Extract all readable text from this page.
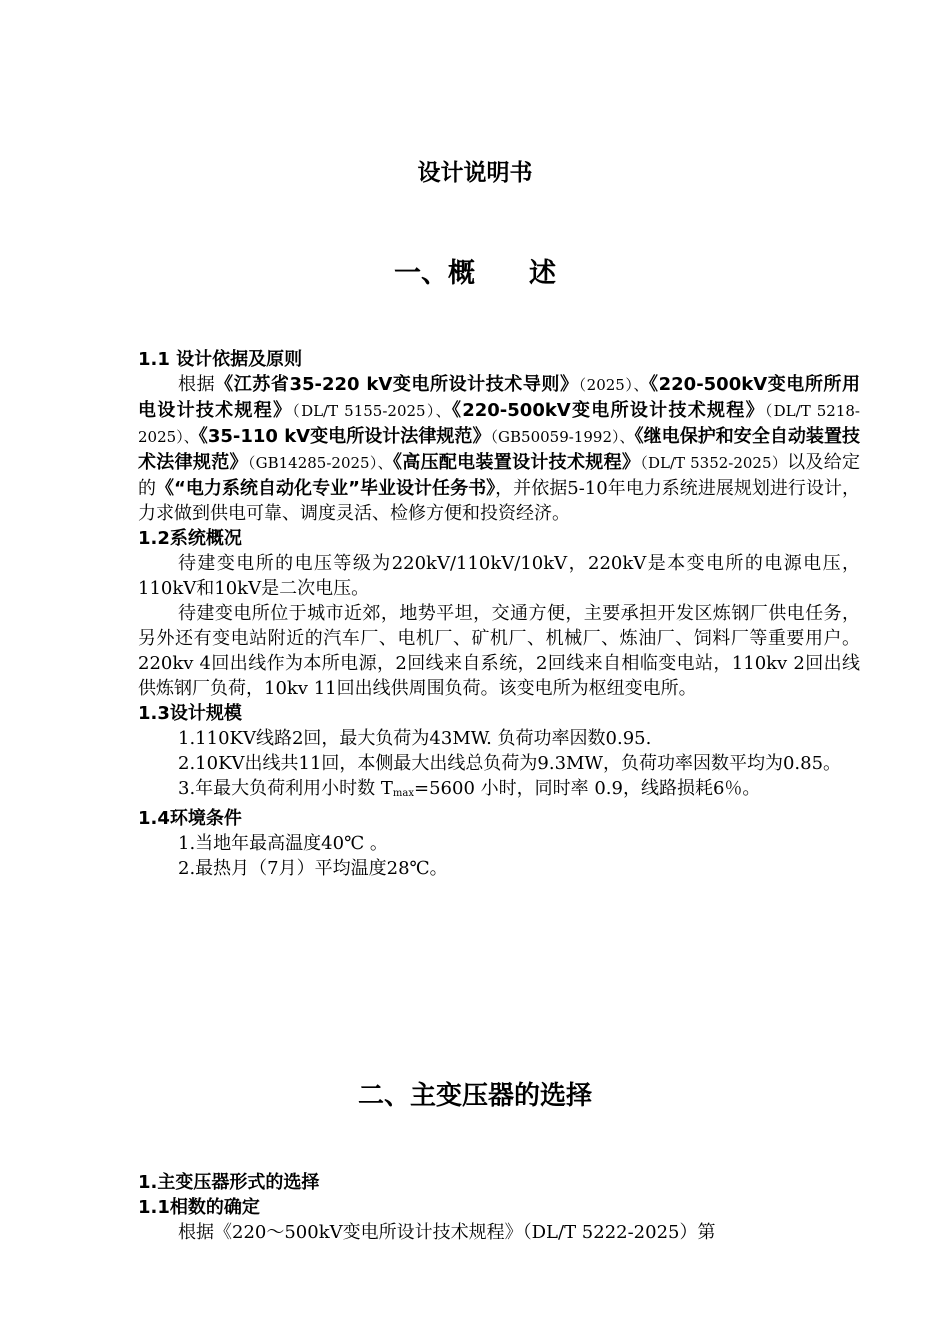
设计说明书
一、概　　述
1.1 设计依据及原则

根据《江苏省35-220 kV变电所设计技术导则》（2025）、《220-500kV变电所所用电设计技术规程》（DL/T 5155-2025）、《220-500kV变电所设计技术规程》（DL/T 5218-2025）、《35-110 kV变电所设计法律规范》（GB50059-1992）、《继电保护和安全自动装置技术法律规范》（GB14285-2025）、《高压配电装置设计技术规程》（DL/T 5352-2025）以及给定的《“电力系统自动化专业”毕业设计任务书》，并依据5-10年电力系统进展规划进行设计，力求做到供电可靠、调度灵活、检修方便和投资经济。

1.2系统概况

待建变电所的电压等级为220kV/110kV/10kV，220kV是本变电所的电源电压，110kV和10kV是二次电压。

待建变电所位于城市近郊，地势平坦，交通方便，主要承担开发区炼钢厂供电任务，另外还有变电站附近的汽车厂、电机厂、矿机厂、机械厂、炼油厂、饲料厂等重要用户。220kv 4回出线作为本所电源，2回线来自系统，2回线来自相临变电站，110kv 2回出线供炼钢厂负荷，10kv 11回出线供周围负荷。该变电所为枢纽变电所。

1.3设计规模

1.110KV线路2回，最大负荷为43MW. 负荷功率因数0.95.

2.10KV出线共11回，本侧最大出线总负荷为9.3MW，负荷功率因数平均为0.85。

3.年最大负荷利用小时数 $T_{max}=5600$ 小时，同时率 0.9，线路损耗6％。

1.4环境条件

1.当地年最高温度40℃ 。

2.最热月（7月）平均温度28℃。

二、主变压器的选择
1.主变压器形式的选择
1.1相数的确定

根据《220～500kV变电所设计技术规程》（DL/T 5222-2025）第
